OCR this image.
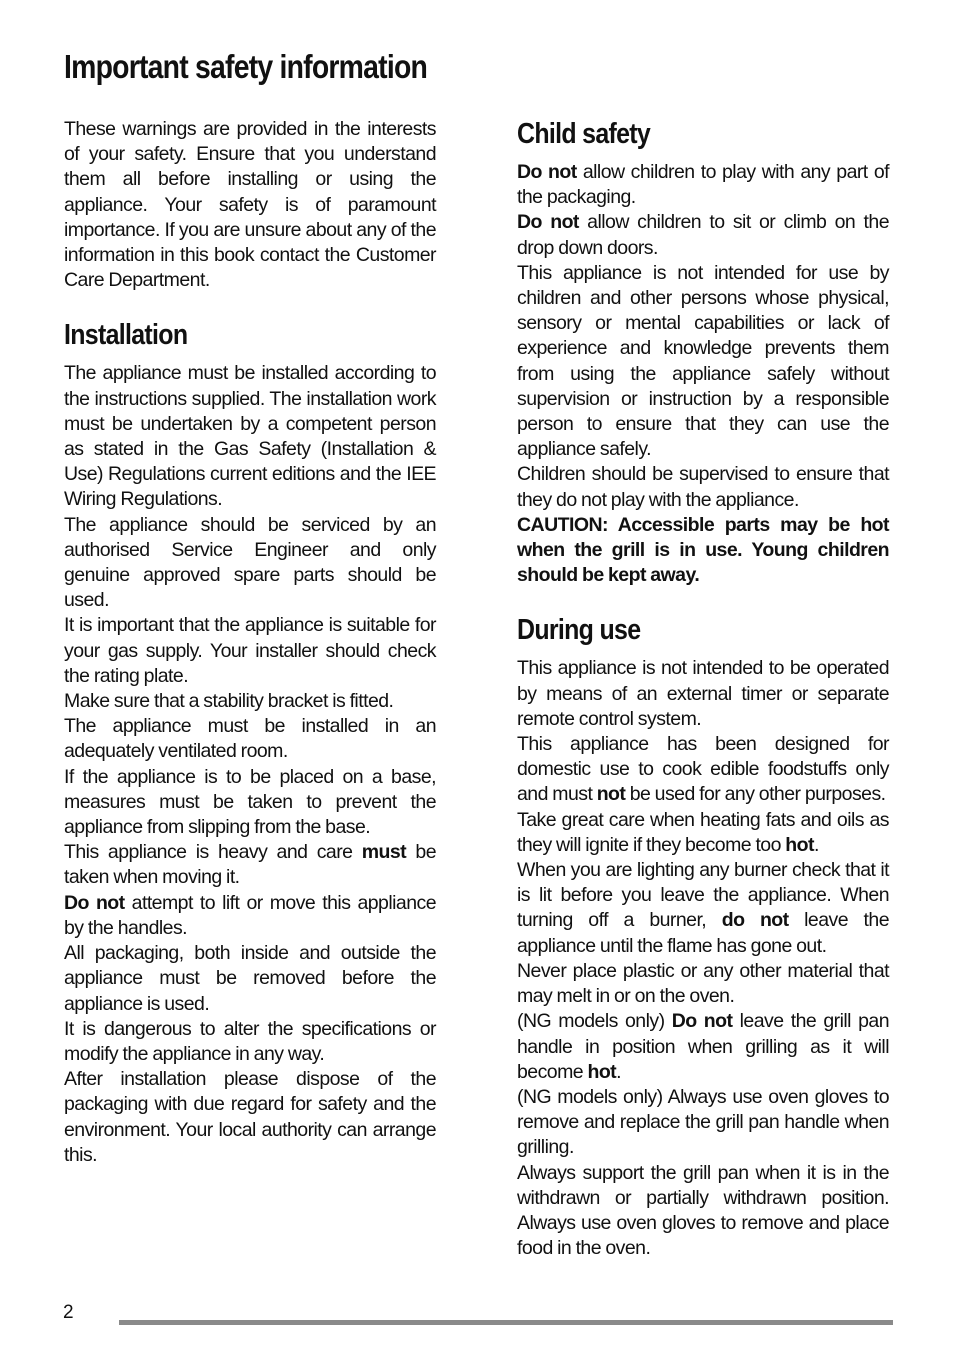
Important safety information

These warnings are provided in the interests of your safety. Ensure that you understand them all before installing or using the appliance. Your safety is of paramount importance. If you are unsure about any of the information in this book contact the Customer Care Department.

Installation

The appliance must be installed according to the instructions supplied. The installation work must be undertaken by a competent person as stated in the Gas Safety (Installation & Use) Regulations current editions and the IEE Wiring Regulations.

The appliance should be serviced by an authorised Service Engineer and only genuine approved spare parts should be used.

It is important that the appliance is suitable for your gas supply. Your installer should check the rating plate.

Make sure that a stability bracket is fitted.

The appliance must be installed in an adequately ventilated room.

If the appliance is to be placed on a base, measures must be taken to prevent the appliance from slipping from the base.

This appliance is heavy and care must be taken when moving it.

Do not attempt to lift or move this appliance by the handles.

All packaging, both inside and outside the appliance must be removed before the appliance is used.

It is dangerous to alter the specifications or modify the appliance in any way.

After installation please dispose of the packaging with due regard for safety and the environment. Your local authority can arrange this.

Child safety

Do not allow children to play with any part of the packaging.

Do not allow children to sit or climb on the drop down doors.

This appliance is not intended for use by children and other persons whose physical, sensory or mental capabilities or lack of experience and knowledge prevents them from using the appliance safely without supervision or instruction by a responsible person to ensure that they can use the appliance safely.

Children should be supervised to ensure that they do not play with the appliance.

CAUTION: Accessible parts may be hot when the grill is in use. Young children should be kept away.

During use

This appliance is not intended to be operated by means of an external timer or separate remote control system.

This appliance has been designed for domestic use to cook edible foodstuffs only and must not be used for any other purposes.

Take great care when heating fats and oils as they will ignite if they become too hot.

When you are lighting any burner check that it is lit before you leave the appliance. When turning off a burner, do not leave the appliance until the flame has gone out.

Never place plastic or any other material that may melt in or on the oven.

(NG models only) Do not leave the grill pan handle in position when grilling as it will become hot.

(NG models only) Always use oven gloves to remove and replace the grill pan handle when grilling.

Always support the grill pan when it is in the withdrawn or partially withdrawn position. Always use oven gloves to remove and place food in the oven.

2
